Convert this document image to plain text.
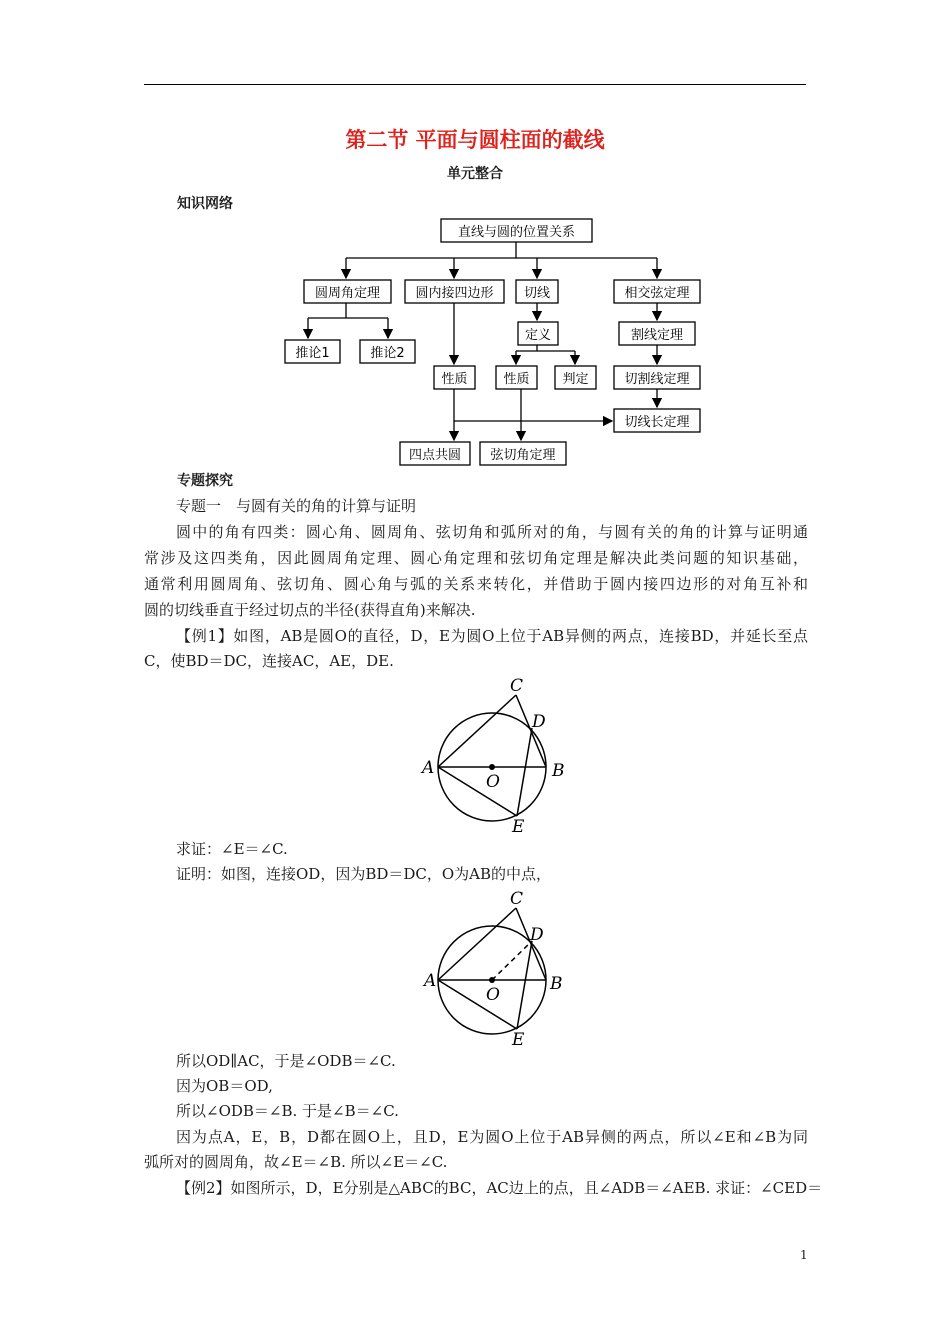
第二节 平面与圆柱面的截线
单元整合
知识网络
直线与圆的位置关系
圆周角定理	圆内接四边形 切线	相交弦定理
推论1	推论2
定义
性质	性质	判定
割线定理
切割线定理
切线长定理
四点共圆 弦切角定理
专题探究
专题一　与圆有关的角的计算与证明
圆中的角有四类：圆心角、圆周角、弦切角和弧所对的角，与圆有关的角的计算与证明通
常涉及这四类角，因此圆周角定理、圆心角定理和弦切角定理是解决此类问题的知识基础，
通常利用圆周角、弦切角、圆心角与弧的关系来转化，并借助于圆内接四边形的对角互补和
圆的切线垂直于经过切点的半径(获得直角)来解决.
【例1】如图，AB是圆O的直径，D，E为圆O上位于AB异侧的两点，连接BD，并延长至点
C，使BD＝DC，连接AC，AE，DE.
A	B
C
D
E
O
求证：∠E＝∠C.
证明：如图，连接OD，因为BD＝DC，O为AB的中点，
A	B
C
D
E
O
所以OD∥AC，于是∠ODB＝∠C.
因为OB＝OD,
所以∠ODB＝∠B. 于是∠B＝∠C.
因为点A，E，B，D都在圆O上，且D，E为圆O上位于AB异侧的两点，所以∠E和∠B为同
弧所对的圆周角，故∠E＝∠B. 所以∠E＝∠C.
【例2】如图所示，D，E分别是△ABC的BC，AC边上的点，且∠ADB＝∠AEB. 求证：∠CED＝
1
